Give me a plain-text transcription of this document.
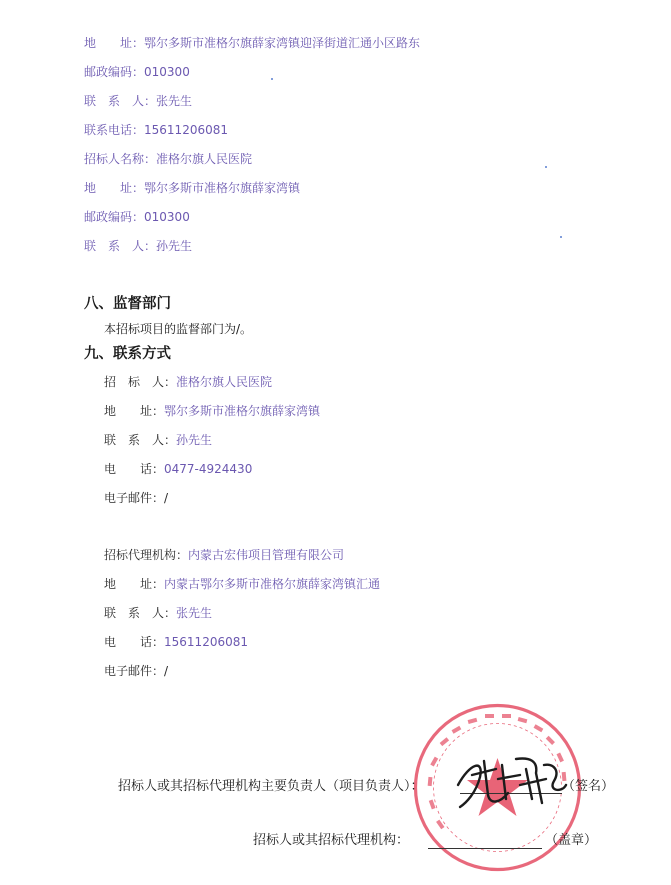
地　　址：鄂尔多斯市准格尔旗薛家湾镇迎泽街道汇通小区路东
邮政编码：010300
联　系　人：张先生
联系电话：15611206081
招标人名称：准格尔旗人民医院
地　　址：鄂尔多斯市准格尔旗薛家湾镇
邮政编码：010300
联　系　人：孙先生
八、监督部门
本招标项目的监督部门为/。
九、联系方式
招　标　人：准格尔旗人民医院
地　　址：鄂尔多斯市准格尔旗薛家湾镇
联　系　人：孙先生
电　　话：0477-4924430
电子邮件：/
招标代理机构：内蒙古宏伟项目管理有限公司
地　　址：内蒙古鄂尔多斯市准格尔旗薛家湾镇汇通
联　系　人：张先生
电　　话：15611206081
电子邮件：/
招标人或其招标代理机构主要负责人（项目负责人）：	（签名）
招标人或其招标代理机构：	（盖章）
